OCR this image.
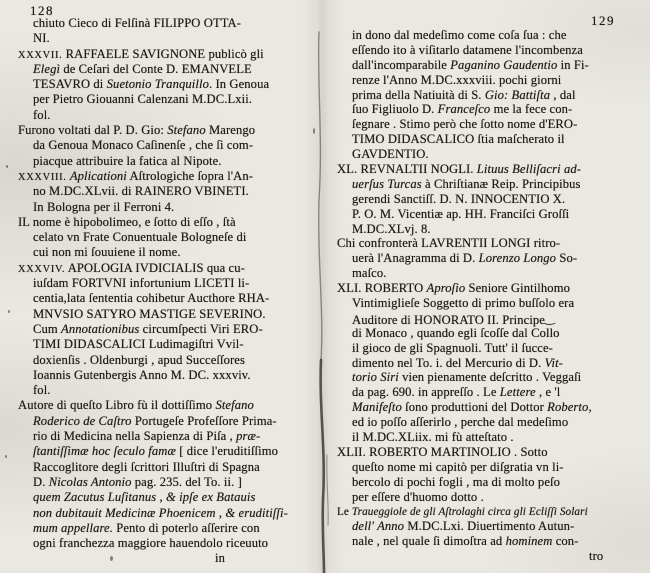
128
129
chiuto Cieco di Felſinà FILIPPO OTTA-
NI.
XXXVII. RAFFAELE SAVIGNONE publicò gli
Elegì de Ceſari del Conte D. EMANVELE
TESAVRO di Suetonio Tranquillo. In Genoua
per Pietro Giouanni Calenzani M.DC.Lxii.
fol.
Furono voltati dal P. D. Gio: Stefano Marengo
da Genoua Monaco Caſinenſe , che ſi com-
piacque attribuire la fatica al Nipote.
XXXVIII. Aplicationi Aſtrologiche ſopra l'An-
no M.DC.XLvii. di RAINERO VBINETI.
In Bologna per il Ferroni 4.
IL nome è hipobolimeo, e ſotto di eſſo , ſtà
celato vn Frate Conuentuale Bologneſe di
cui non mi ſouuiene il nome.
XXXVIV. APOLOGIA IVDICIALIS qua cu-
iuſdam FORTVNI infortunium LICETI li-
centia,lata ſententia cohibetur Aucthore RHA-
MNVSIO SATYRO MASTIGE SEVERINO.
Cum Annotationibus circumſpecti Viri ERO-
TIMI DIDASCALICI Ludimagiſtri Vvil-
doxienſis . Oldenburgi , apud Succeſſores
Ioannis Gutenbergis Anno M. DC. xxxviv.
fol.
Autore di queſto Libro fù il dottiſſimo Stefano
Roderico de Caſtro Portugeſe Profeſſore Prima-
rio di Medicina nella Sapienza di Piſa , præ-
ſtantiſſimæ hoc ſeculo famæ [ dice l'eruditiſſimo
Raccoglitore degli ſcrittori Illuſtri di Spagna
D. Nicolas Antonio pag. 235. del To. ii. ]
quem Zacutus Luſitanus , & ipſe ex Batauis
non dubitauit Medicinæ Phoenicem , & eruditiſſi-
mum appellare. Pento di poterlo aſſerire con
ogni franchezza maggiore hauendolo riceuuto
in
in dono dal medeſimo come coſa ſua : che
eſſendo ito à viſitarlo datamene l'incombenza
dall'incomparabile Paganino Gaudentio in Fi-
renze l'Anno M.DC.xxxviii. pochi giorni
prima della Natiuità di S. Gio: Battiſta , dal
ſuo Figliuolo D. Franceſco me la fece con-
ſegnare . Stimo però che ſotto nome d'ERO-
TIMO DIDASCALICO ſtia maſcherato il
GAVDENTIO.
XL. REVNALTII NOGLI. Lituus Belliſacri ad-
uerſus Turcas à Chriſtianæ Reip. Principibus
gerendi Sanctiſſ. D. N. INNOCENTIO X.
P. O. M. Vicentiæ ap. HH. Franciſci Groſſi
M.DC.XLvj. 8.
Chi confronterà LAVRENTII LONGI ritro-
uerà l'Anagramma di D. Lorenzo Longo So-
maſco.
XLI. ROBERTO Aproſio Seniore Gintilhomo
Vintimiglieſe Soggetto di primo buſſolo era
Auditore di HONORATO II. Principe‿
di Monaco , quando egli ſcoſſe dal Collo
il gioco de gli Spagnuoli. Tutt' il ſucce-
dimento nel To. i. del Mercurio di D. Vit-
torio Siri vien pienamente deſcritto . Veggaſi
da pag. 690. in appreſſo . Le Lettere , e 'l
Manifeſto ſono produttioni del Dottor Roberto,
ed io poſſo aſſerirlo , perche dal medeſimo
il M.DC.XLiix. mi fù atteſtato .
XLII. ROBERTO MARTINOLIO . Sotto
queſto nome mi capitò per diſgratia vn li-
bercolo di pochi fogli , ma di molto peſo
per eſſere d'huomo dotto .
Le Traueggiole de gli Aſtrolaghi circa gli Ecliſſi Solari
dell' Anno M.DC.Lxi. Diuertimento Autun-
nale , nel quale ſi dimoſtra ad hominem con-
tro
